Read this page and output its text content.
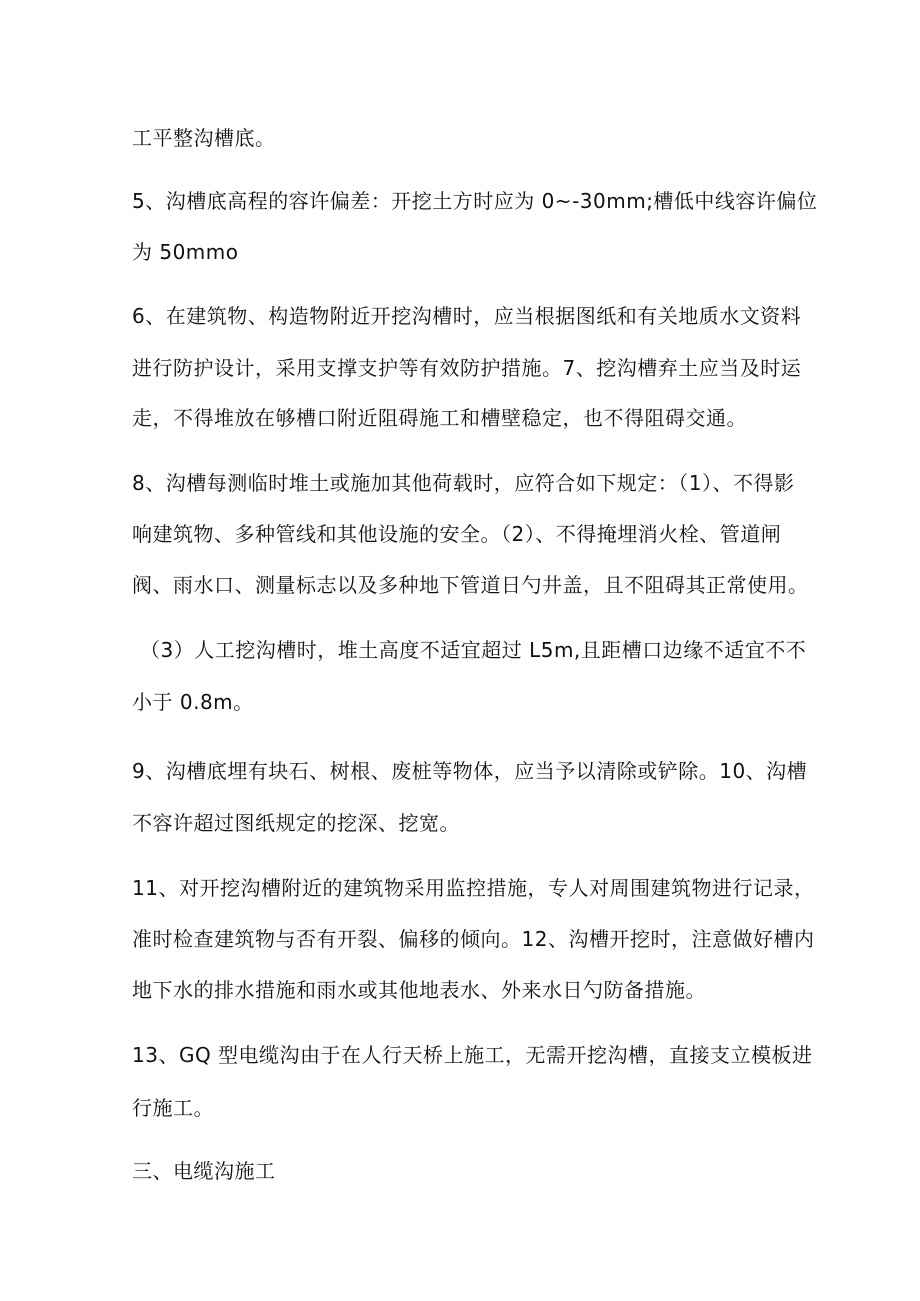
工平整沟槽底。
5、沟槽底高程的容许偏差：开挖土方时应为 0~-30mm;槽低中线容许偏位
为 50mmo
6、在建筑物、构造物附近开挖沟槽时，应当根据图纸和有关地质水文资料
进行防护设计，采用支撑支护等有效防护措施。7、挖沟槽弃土应当及时运
走，不得堆放在够槽口附近阻碍施工和槽壁稳定，也不得阻碍交通。
8、沟槽每测临时堆土或施加其他荷载时，应符合如下规定：（1）、不得影
响建筑物、多种管线和其他设施的安全。（2）、不得掩埋消火栓、管道闸
阀、雨水口、测量标志以及多种地下管道日勺井盖，且不阻碍其正常使用。
（3）人工挖沟槽时，堆土高度不适宜超过 L5m,且距槽口边缘不适宜不不
小于 0.8m。
9、沟槽底埋有块石、树根、废桩等物体，应当予以清除或铲除。10、沟槽
不容许超过图纸规定的挖深、挖宽。
11、对开挖沟槽附近的建筑物采用监控措施，专人对周围建筑物进行记录，
准时检查建筑物与否有开裂、偏移的倾向。12、沟槽开挖时，注意做好槽内
地下水的排水措施和雨水或其他地表水、外来水日勺防备措施。
13、GQ 型电缆沟由于在人行天桥上施工，无需开挖沟槽，直接支立模板进
行施工。
三、电缆沟施工
